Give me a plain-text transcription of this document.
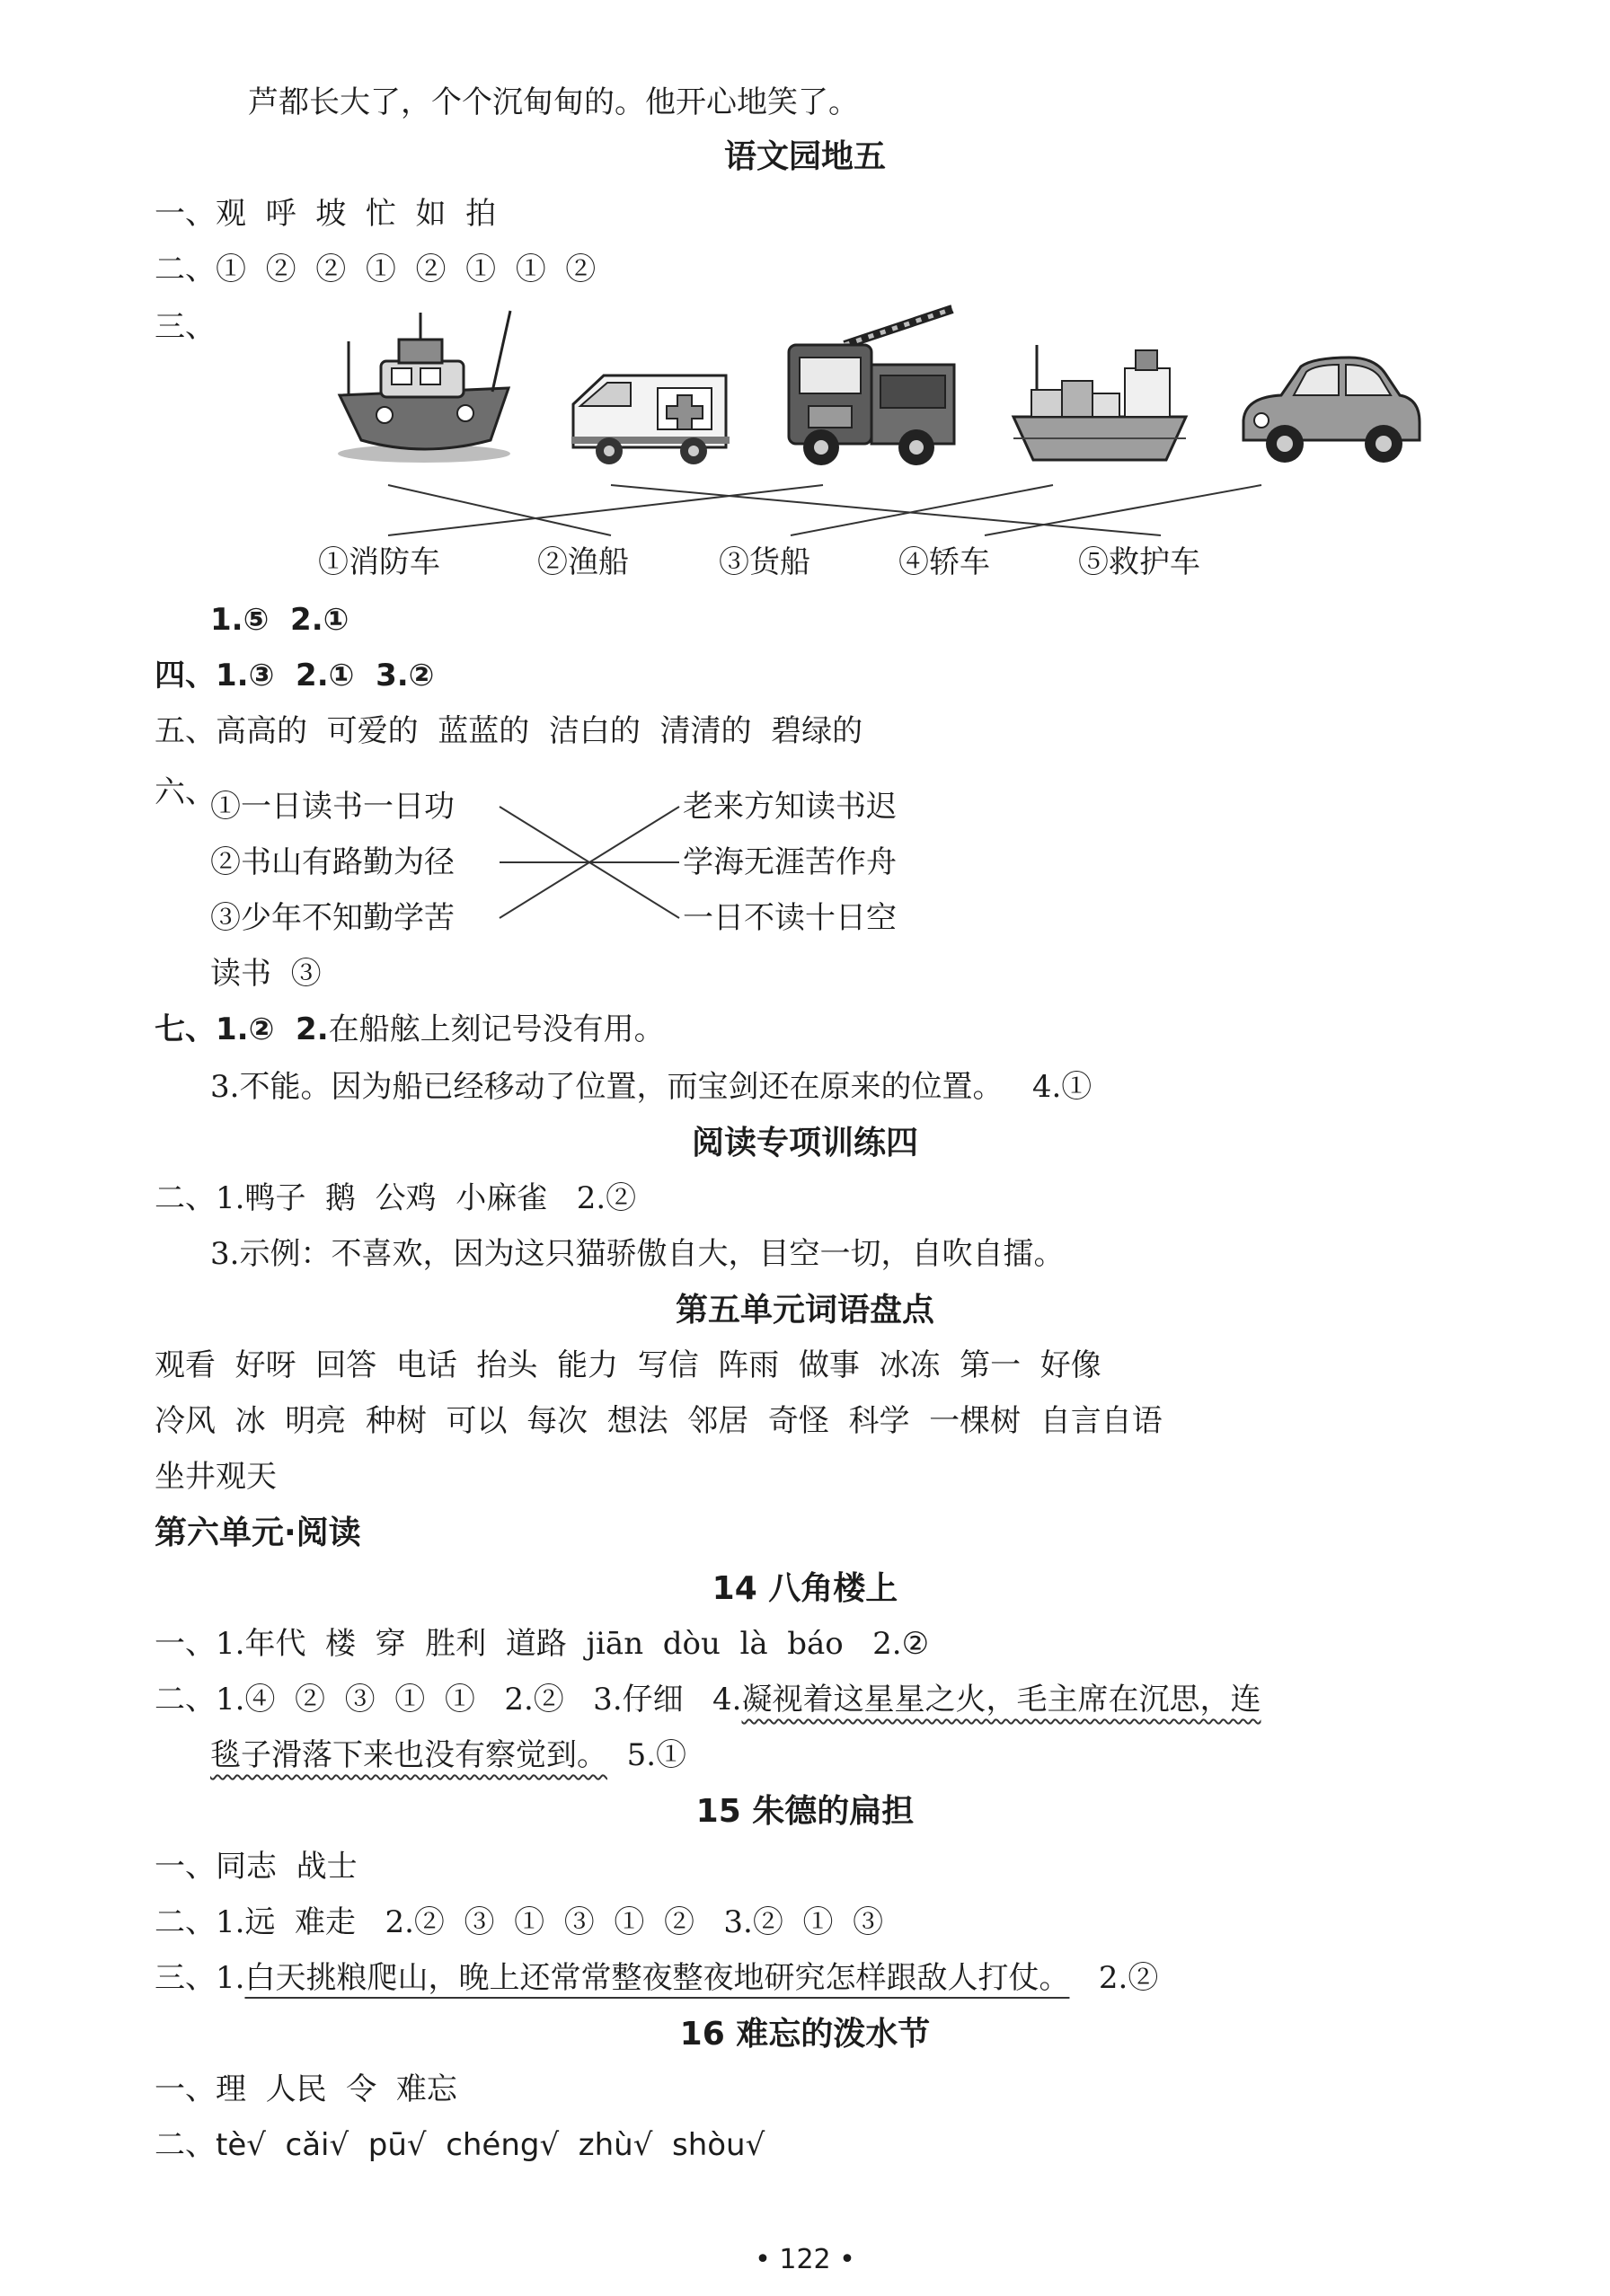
芦都长大了，个个沉甸甸的。他开心地笑了。
语文园地五
一、观  呼  坡  忙  如  拍
二、①  ②  ②  ①  ②  ①  ①  ②
三、
①消防车	②渔船	③货船	④轿车	⑤救护车
1.⑤  2.①
四、1.③  2.①  3.②
五、高高的  可爱的  蓝蓝的  洁白的  清清的  碧绿的
六、
①一日读书一日功
②书山有路勤为径
③少年不知勤学苦
老来方知读书迟
学海无涯苦作舟
一日不读十日空
读书  ③
七、1.②  2.在船舷上刻记号没有用。
3.不能。因为船已经移动了位置，而宝剑还在原来的位置。   4.①
阅读专项训练四
二、1.鸭子  鹅  公鸡  小麻雀   2.②
3.示例：不喜欢，因为这只猫骄傲自大，目空一切，自吹自擂。
第五单元词语盘点
观看  好呀  回答  电话  抬头  能力  写信  阵雨  做事  冰冻  第一  好像
冷风  冰  明亮  种树  可以  每次  想法  邻居  奇怪  科学  一棵树  自言自语
坐井观天
第六单元·阅读
14 八角楼上
一、1.年代  楼  穿  胜利  道路  jiān  dòu  là  báo   2.②
二、1.④  ②  ③  ①  ①   2.②   3.仔细   4.凝视着这星星之火，毛主席在沉思，连
毯子滑落下来也没有察觉到。  5.①
15 朱德的扁担
一、同志  战士
二、1.远  难走   2.②  ③  ①  ③  ①  ②   3.②  ①  ③
三、1.白天挑粮爬山，晚上还常常整夜整夜地研究怎样跟敌人打仗。   2.②
16 难忘的泼水节
一、理  人民  令  难忘
二、tè√  cǎi√  pū√  chéng√  zhù√  shòu√
• 122 •
